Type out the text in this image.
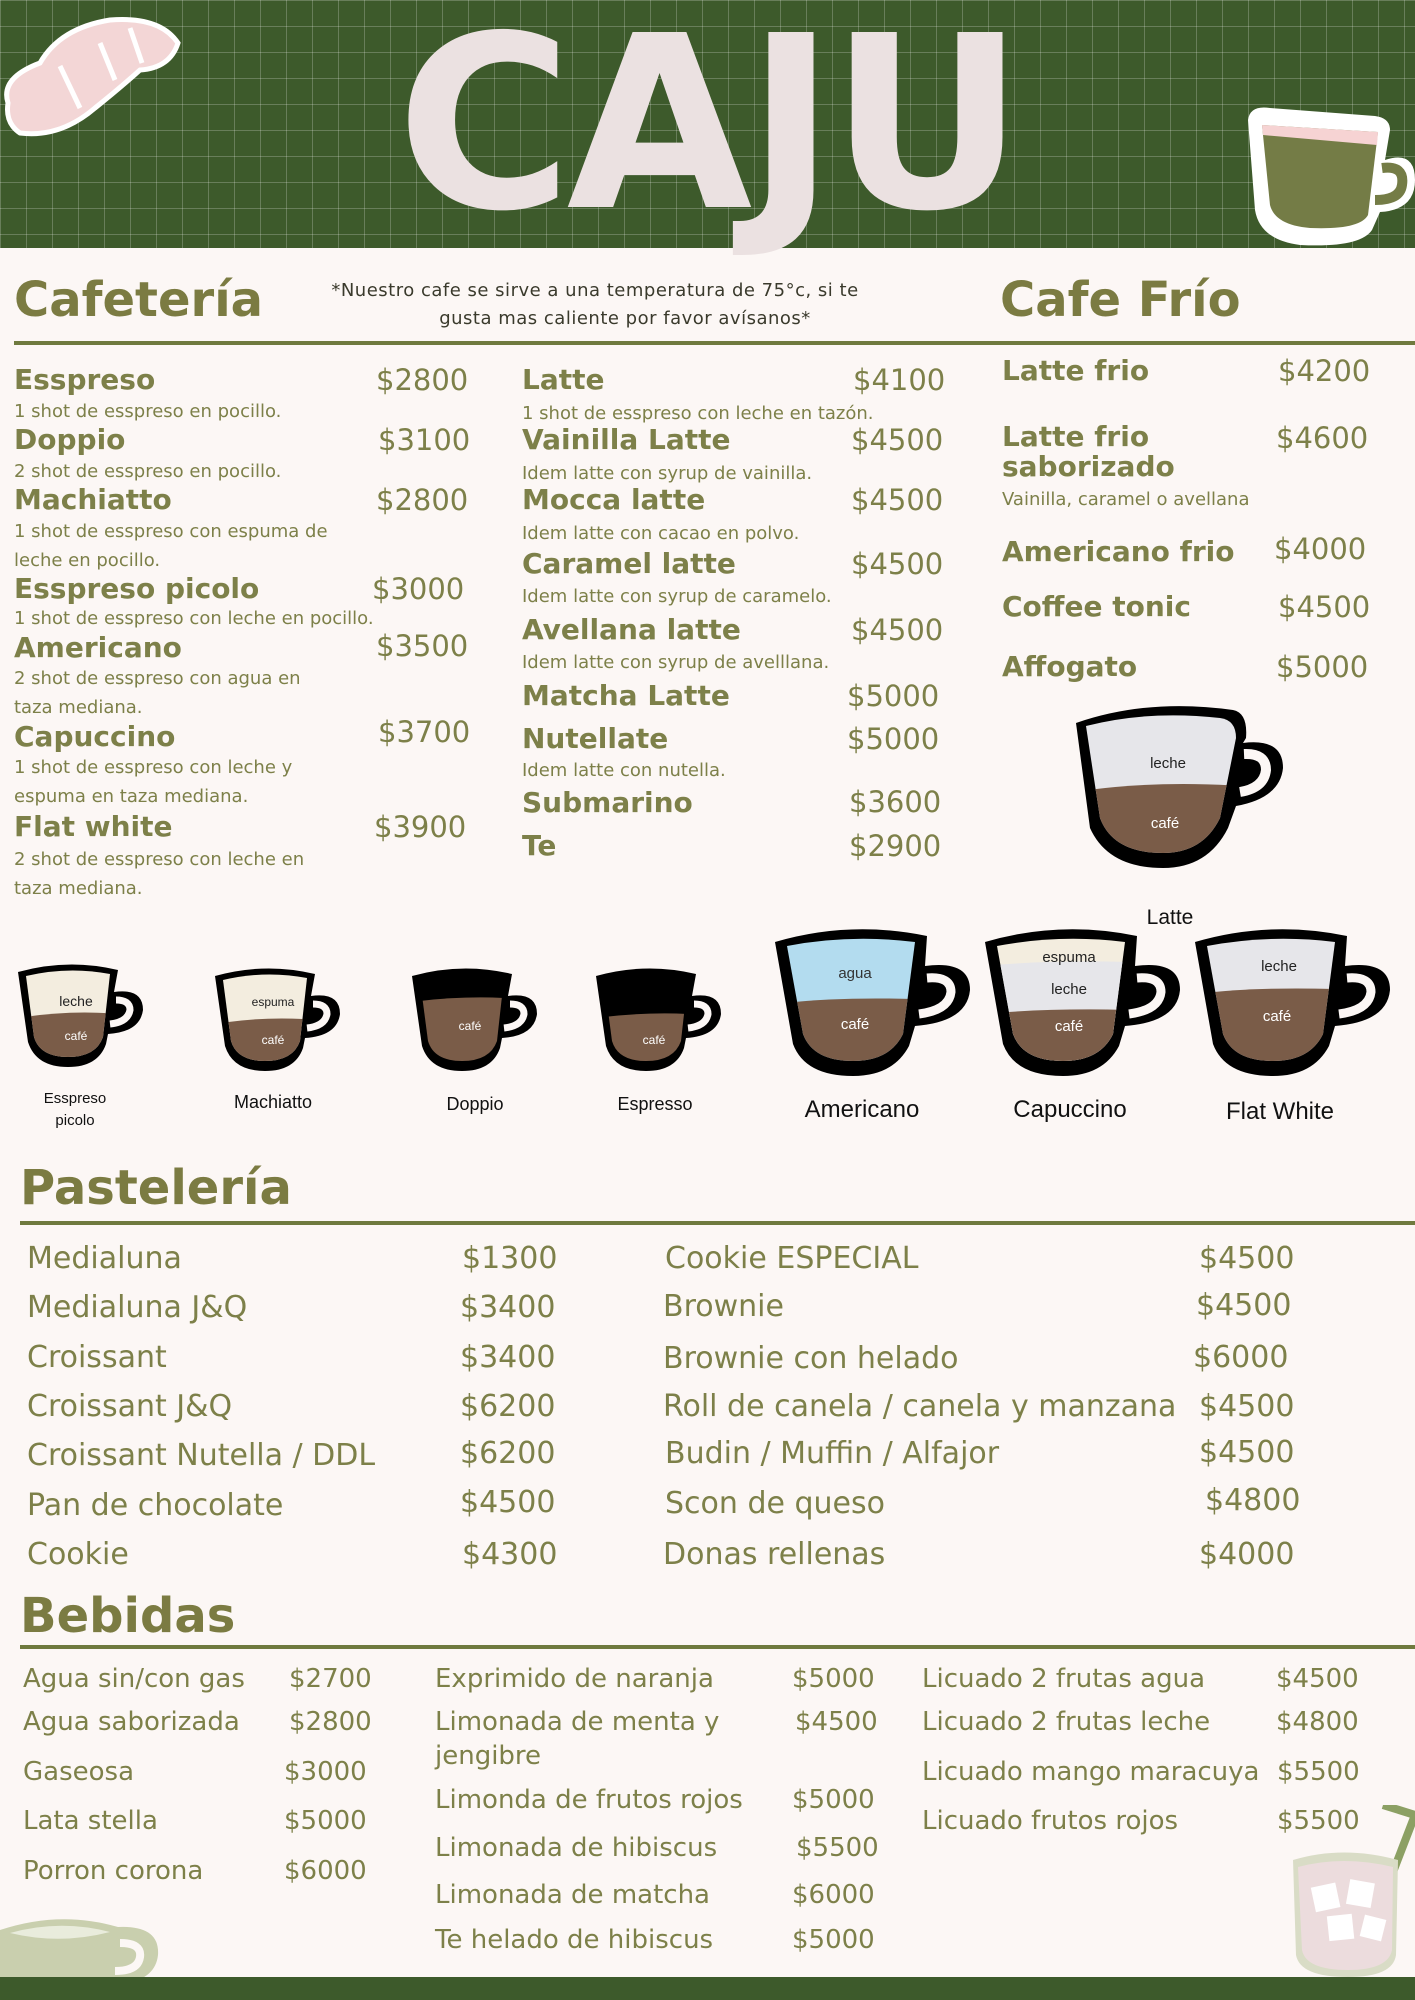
CAJU
Cafetería	*Nuestro cafe se sirve a una temperatura de 75°c, si te
gusta mas caliente por favor avísanos*	Cafe Frío
Esspreso	$2800
1 shot de esspreso en pocillo.
Doppio	$3100
2 shot de esspreso en pocillo.
Machiatto	$2800
1 shot de esspreso con espuma de
leche en pocillo.
Esspreso picolo	$3000
1 shot de esspreso con leche en pocillo.
Americano	$3500
2 shot de esspreso con agua en
taza mediana.
Capuccino	$3700
1 shot de esspreso con leche y
espuma en taza mediana.
Flat white	$3900
2 shot de esspreso con leche en
taza mediana.
Latte	$4100
1 shot de esspreso con leche en tazón.
Vainilla Latte	$4500
Idem latte con syrup de vainilla.
Mocca latte	$4500
Idem latte con cacao en polvo.
Caramel latte	$4500
Idem latte con syrup de caramelo.
Avellana latte	$4500
Idem latte con syrup de avelllana.
Matcha Latte	$5000
Nutellate	$5000
Idem latte con nutella.
Submarino	$3600
Te	$2900
Latte frio	$4200
Latte frio
saborizado
$4600
Vainilla, caramel o avellana
Americano frio $4000
Coffee tonic	$4500
Affogato	$5000
leche
café
Latte
leche
café
Esspreso
picolo
espuma
café
Machiatto
café
Doppio
café
Espresso
agua
café
Americano
espuma
leche
café
Capuccino
leche
café
Flat White
Pastelería
Medialuna	$1300
Medialuna J&Q	$3400
Croissant	$3400
Croissant J&Q	$6200
Croissant Nutella / DDL	$6200
Pan de chocolate	$4500
Cookie	$4300
Cookie ESPECIAL	$4500
Brownie	$4500
Brownie con helado	$6000
Roll de canela / canela y manzana $4500
Budin / Muffin / Alfajor	$4500
Scon de queso	$4800
Donas rellenas	$4000
Bebidas
Agua sin/con gas $2700
Agua saborizada $2800
Gaseosa	$3000
Lata stella	$5000
Porron corona	$6000
Exprimido de naranja	$5000
Limonada de menta y
jengibre
$4500
Limonda de frutos rojos $5000
Limonada de hibiscus	$5500
Limonada de matcha	$6000
Te helado de hibiscus	$5000
Licuado 2 frutas agua	$4500
Licuado 2 frutas leche	$4800
Licuado mango maracuya $5500
Licuado frutos rojos	$5500
